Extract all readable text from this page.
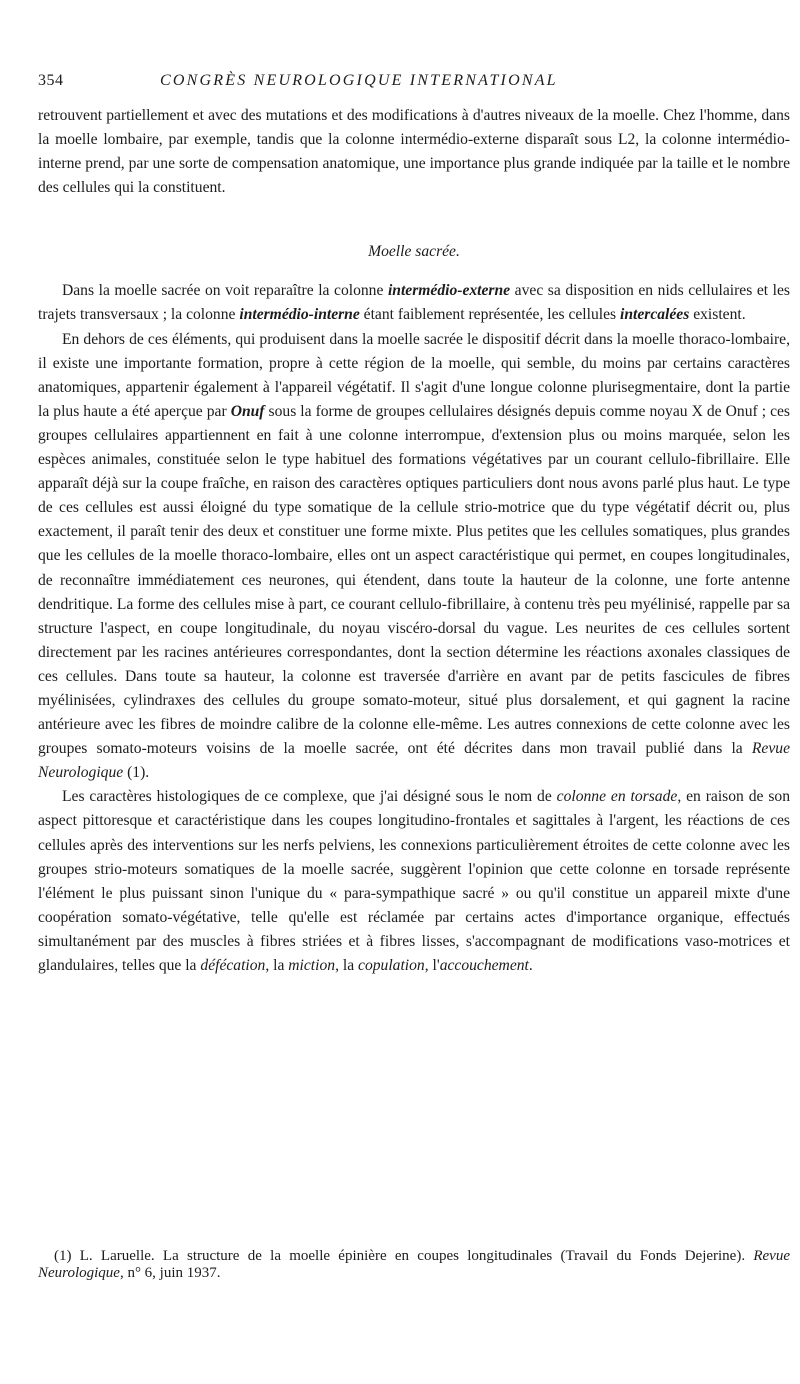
354	CONGRÈS NEUROLOGIQUE INTERNATIONAL

retrouvent partiellement et avec des mutations et des modifications à d'autres niveaux de la moelle. Chez l'homme, dans la moelle lombaire, par exemple, tandis que la colonne intermédio-externe disparaît sous L2, la colonne intermédio-interne prend, par une sorte de compensation anatomique, une importance plus grande indiquée par la taille et le nombre des cellules qui la constituent.

Moelle sacrée.

Dans la moelle sacrée on voit reparaître la colonne intermédio-externe avec sa disposition en nids cellulaires et les trajets transversaux ; la colonne intermédio-interne étant faiblement représentée, les cellules intercalées existent.

En dehors de ces éléments, qui produisent dans la moelle sacrée le dispositif décrit dans la moelle thoraco-lombaire, il existe une importante formation, propre à cette région de la moelle, qui semble, du moins par certains caractères anatomiques, appartenir également à l'appareil végétatif. Il s'agit d'une longue colonne plurisegmentaire, dont la partie la plus haute a été aperçue par Onuf sous la forme de groupes cellulaires désignés depuis comme noyau X de Onuf ; ces groupes cellulaires appartiennent en fait à une colonne interrompue, d'extension plus ou moins marquée, selon les espèces animales, constituée selon le type habituel des formations végétatives par un courant cellulo-fibrillaire. Elle apparaît déjà sur la coupe fraîche, en raison des caractères optiques particuliers dont nous avons parlé plus haut. Le type de ces cellules est aussi éloigné du type somatique de la cellule strio-motrice que du type végétatif décrit ou, plus exactement, il paraît tenir des deux et constituer une forme mixte. Plus petites que les cellules somatiques, plus grandes que les cellules de la moelle thoraco-lombaire, elles ont un aspect caractéristique qui permet, en coupes longitudinales, de reconnaître immédiatement ces neurones, qui étendent, dans toute la hauteur de la colonne, une forte antenne dendritique. La forme des cellules mise à part, ce courant cellulo-fibrillaire, à contenu très peu myélinisé, rappelle par sa structure l'aspect, en coupe longitudinale, du noyau viscéro-dorsal du vague. Les neurites de ces cellules sortent directement par les racines antérieures correspondantes, dont la section détermine les réactions axonales classiques de ces cellules. Dans toute sa hauteur, la colonne est traversée d'arrière en avant par de petits fascicules de fibres myélinisées, cylindraxes des cellules du groupe somato-moteur, situé plus dorsalement, et qui gagnent la racine antérieure avec les fibres de moindre calibre de la colonne elle-même. Les autres connexions de cette colonne avec les groupes somato-moteurs voisins de la moelle sacrée, ont été décrites dans mon travail publié dans la Revue Neurologique (1).

Les caractères histologiques de ce complexe, que j'ai désigné sous le nom de colonne en torsade, en raison de son aspect pittoresque et caractéristique dans les coupes longitudino-frontales et sagittales à l'argent, les réactions de ces cellules après des interventions sur les nerfs pelviens, les connexions particulièrement étroites de cette colonne avec les groupes strio-moteurs somatiques de la moelle sacrée, suggèrent l'opinion que cette colonne en torsade représente l'élément le plus puissant sinon l'unique du « para-sympathique sacré » ou qu'il constitue un appareil mixte d'une coopération somato-végétative, telle qu'elle est réclamée par certains actes d'importance organique, effectués simultanément par des muscles à fibres striées et à fibres lisses, s'accompagnant de modifications vaso-motrices et glandulaires, telles que la défécation, la miction, la copulation, l'accouchement.

(1) L. Laruelle. La structure de la moelle épinière en coupes longitudinales (Travail du Fonds Dejerine). Revue Neurologique, n° 6, juin 1937.
